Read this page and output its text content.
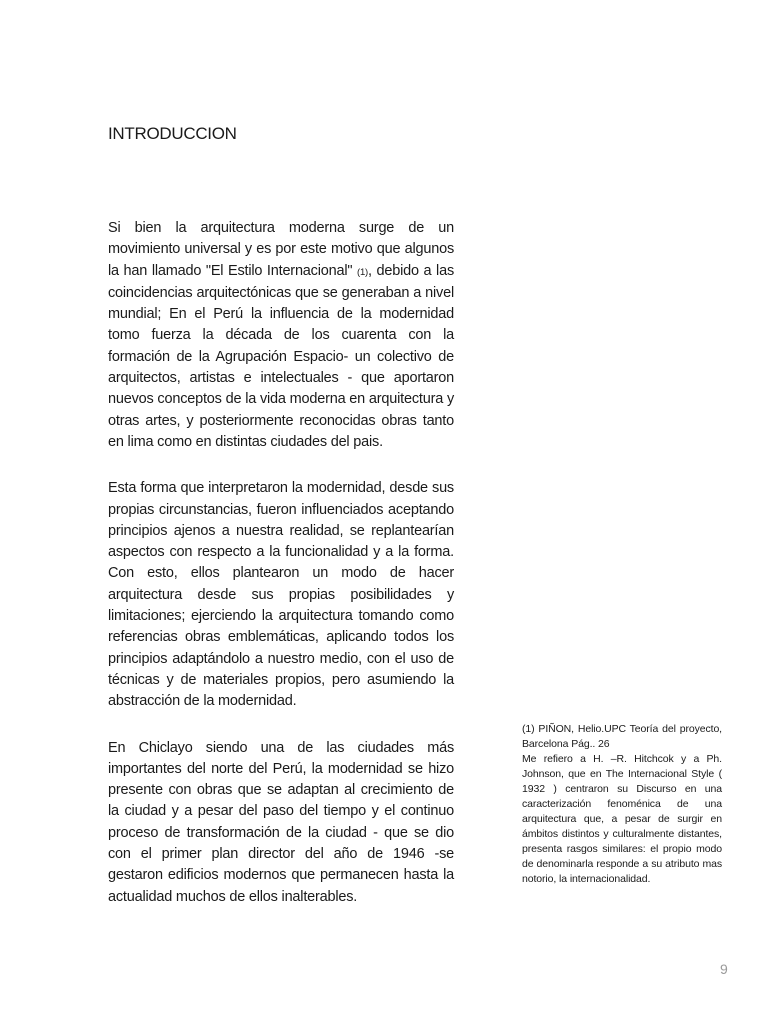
INTRODUCCION

Si bien la arquitectura moderna surge de un movimiento universal y es por este motivo que algunos la han llamado "El Estilo Internacional" (1), debido a las coincidencias arquitectónicas que se generaban a nivel mundial; En el Perú la influencia de la modernidad tomo fuerza la década de los cuarenta con la formación de la Agrupación Espacio- un colectivo de arquitectos, artistas e intelectuales - que aportaron nuevos conceptos de la vida moderna en arquitectura y otras artes, y posteriormente reconocidas obras tanto en lima como en distintas ciudades del pais.

Esta forma que interpretaron la modernidad, desde sus propias circunstancias, fueron influenciados aceptando principios ajenos a nuestra realidad, se replantearían aspectos con respecto a la funcionalidad y a la forma. Con esto, ellos plantearon un modo de hacer arquitectura desde sus propias posibilidades y limitaciones; ejerciendo la arquitectura tomando como referencias obras emblemáticas, aplicando todos los principios adaptándolo a nuestro medio, con el uso de técnicas y de materiales propios, pero asumiendo la abstracción de la modernidad.

En Chiclayo siendo una de las ciudades más importantes del norte del Perú, la modernidad se hizo presente con obras que se adaptan al crecimiento de la ciudad y a pesar del paso del tiempo y el continuo proceso de transformación de la ciudad - que se dio con el primer plan director del año de 1946 -se gestaron edificios modernos que permanecen hasta la actualidad muchos de ellos inalterables.

(1) PIÑON, Helio.UPC Teoría del proyecto, Barcelona Pág.. 26

Me refiero a H. –R. Hitchcok y a Ph. Johnson, que en The Internacional Style ( 1932 ) centraron su Discurso en una caracterización fenoménica de una arquitectura que, a pesar de surgir en ámbitos distintos y culturalmente distantes, presenta rasgos similares: el propio modo de denominarla responde a su atributo mas notorio, la internacionalidad.

9
